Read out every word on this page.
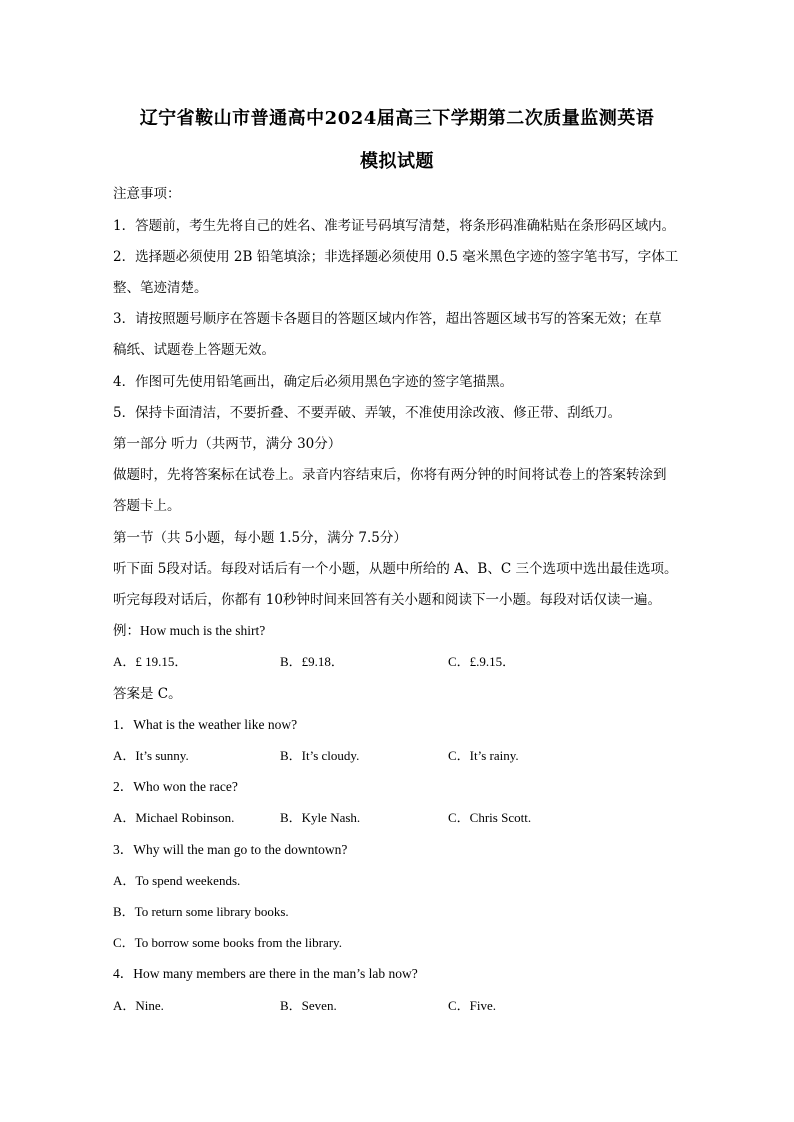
辽宁省鞍山市普通高中2024届高三下学期第二次质量监测英语
模拟试题
注意事项：
1．答题前，考生先将自己的姓名、准考证号码填写清楚，将条形码准确粘贴在条形码区域内。
2．选择题必须使用 2B 铅笔填涂；非选择题必须使用 0.5 毫米黑色字迹的签字笔书写，字体工
整、笔迹清楚。
3．请按照题号顺序在答题卡各题目的答题区域内作答，超出答题区域书写的答案无效；在草
稿纸、试题卷上答题无效。
4．作图可先使用铅笔画出，确定后必须用黑色字迹的签字笔描黑。
5．保持卡面清洁，不要折叠、不要弄破、弄皱，不准使用涂改液、修正带、刮纸刀。
第一部分 听力（共两节，满分 30分）
做题时，先将答案标在试卷上。录音内容结束后，你将有两分钟的时间将试卷上的答案转涂到
答题卡上。
第一节（共 5小题，每小题 1.5分，满分 7.5分）
听下面 5段对话。每段对话后有一个小题，从题中所给的 A、B、C 三个选项中选出最佳选项。
听完每段对话后，你都有 10秒钟时间来回答有关小题和阅读下一小题。每段对话仅读一遍。
例：How much is the shirt?
A．£ 19.15．	B．£9.18．	C．£.9.15．
答案是 C。
1．What is the weather like now?
A．It’s sunny.	B．It’s cloudy.	C．It’s rainy.
2．Who won the race?
A．Michael Robinson.	B．Kyle Nash.	C．Chris Scott.
3．Why will the man go to the downtown?
A．To spend weekends.
B．To return some library books.
C．To borrow some books from the library.
4．How many members are there in the man’s lab now?
A．Nine.	B．Seven.	C．Five.
